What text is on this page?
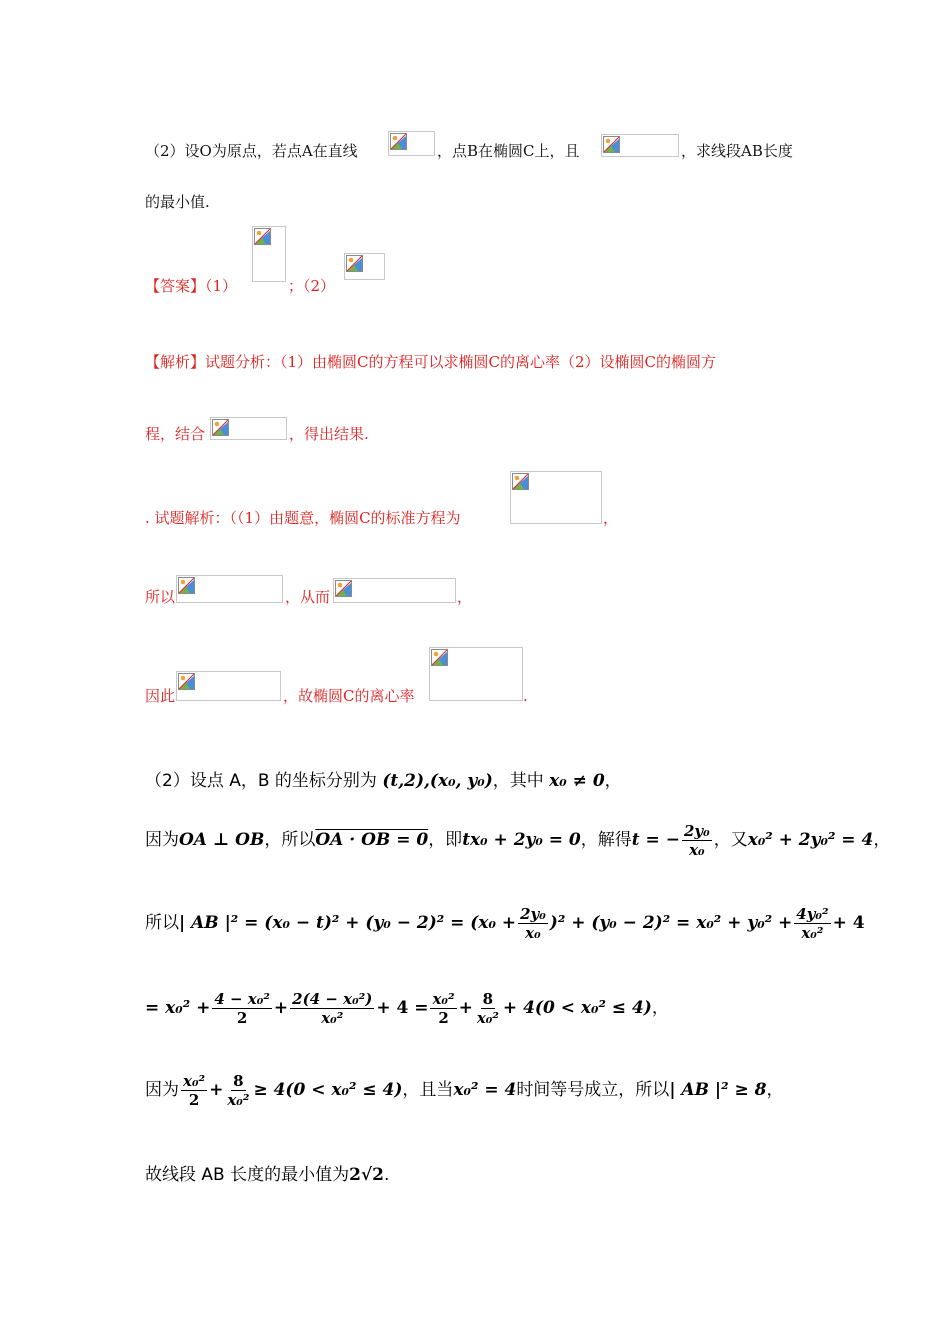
（2）设O为原点，若点A在直线	，点B在椭圆C上，且	，求线段AB长度
的最小值.
【答案】（1）	；（2）
【解析】试题分析：（1）由椭圆C的方程可以求椭圆C的离心率（2）设椭圆C的椭圆方
程，结合	，得出结果.
. 试题解析：（（1）由题意，椭圆C的标准方程为	，
所以	，从而	，
因此	，故椭圆C的离心率	.
（2）设点 A，B 的坐标分别为 (t,2),(x₀, y₀)，其中 x₀ ≠ 0，
因为OA ⊥ OB，所以OA · OB = 0，即tx₀ + 2y₀ = 0，解得t = − $\frac{\text{2y₀}}{\text{x₀}}$ ，又x₀² + 2y₀² = 4，
所以| AB $|^2 = (x_0 - t)^2 + (y_0 - 2)^2 = (x_0 + \frac{\text{2y₀}}{\text{x₀}} )^2 + (y_0 - 2)^2 = x_0^2 + y_0^2 + \frac{\text{4y₀²}}{\text{x₀²}} + 4$
= $x_0^2 + \frac{\text{4 − x₀²}}{2} + \frac{\text{2(4 − x₀²)}}{\text{x₀²}} + 4 = \frac{\text{x₀²}}{2} + \frac{8}{\text{x₀²}} + 4(0 < x_0^2 \le 4)$，
因为 $\frac{\text{x₀²}}{2} + \frac{8}{\text{x₀²}} \ge 4(0 < x_0^2 \le 4)$，且当x₀² = 4时间等号成立，所以| AB |² ≥ 8，
故线段 AB 长度的最小值为2√2.
